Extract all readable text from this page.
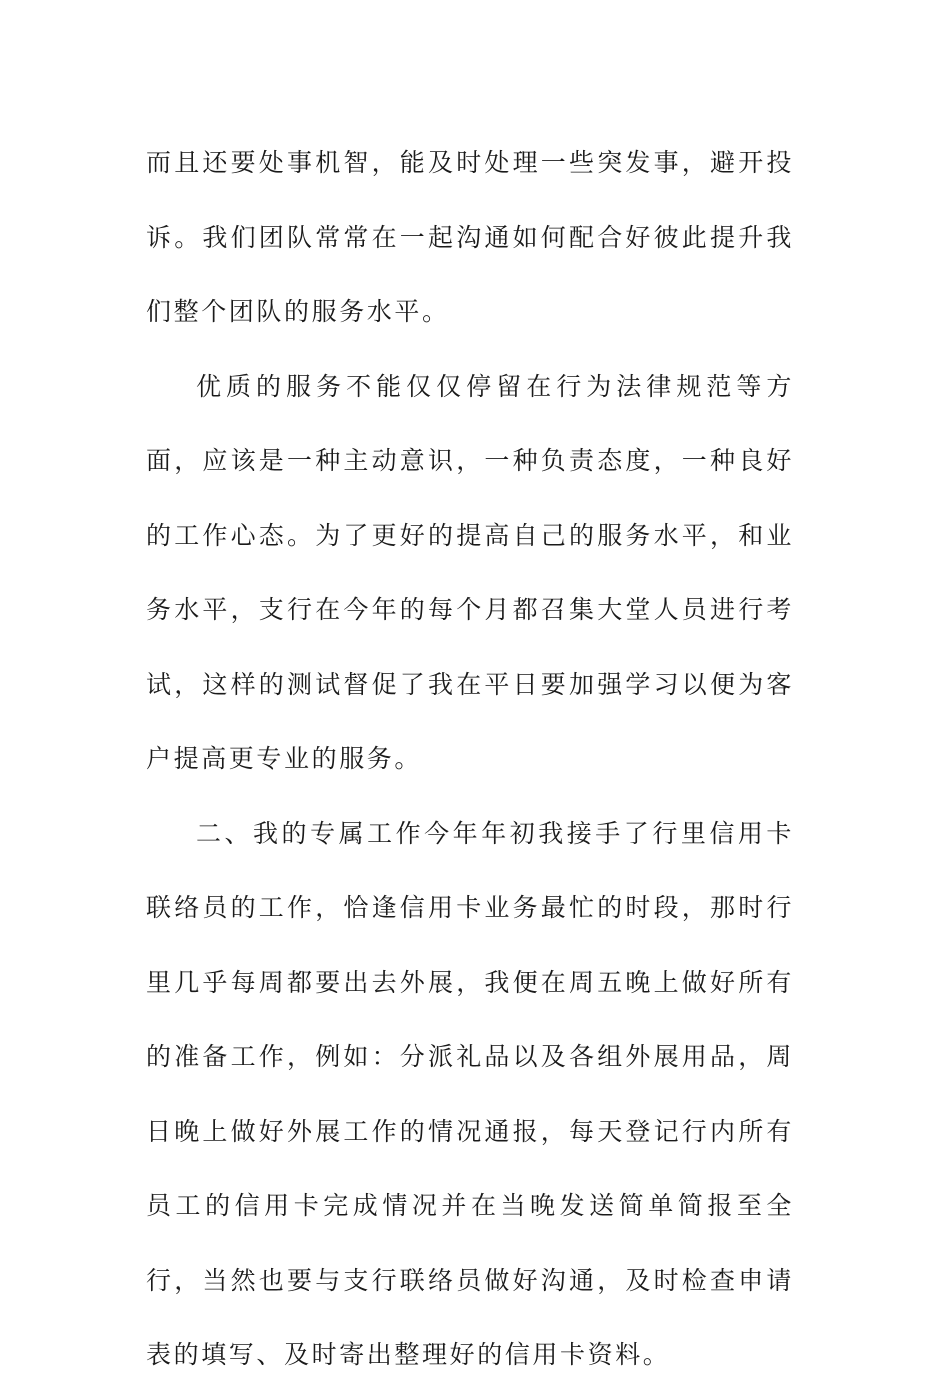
而且还要处事机智，能及时处理一些突发事，避开投诉。我们团队常常在一起沟通如何配合好彼此提升我们整个团队的服务水平。

优质的服务不能仅仅停留在行为法律规范等方面，应该是一种主动意识，一种负责态度，一种良好的工作心态。为了更好的提高自己的服务水平，和业务水平，支行在今年的每个月都召集大堂人员进行考试，这样的测试督促了我在平日要加强学习以便为客户提高更专业的服务。

二、我的专属工作今年年初我接手了行里信用卡联络员的工作，恰逢信用卡业务最忙的时段，那时行里几乎每周都要出去外展，我便在周五晚上做好所有的准备工作，例如：分派礼品以及各组外展用品，周日晚上做好外展工作的情况通报，每天登记行内所有员工的信用卡完成情况并在当晚发送简单简报至全行，当然也要与支行联络员做好沟通，及时检查申请表的填写、及时寄出整理好的信用卡资料。
